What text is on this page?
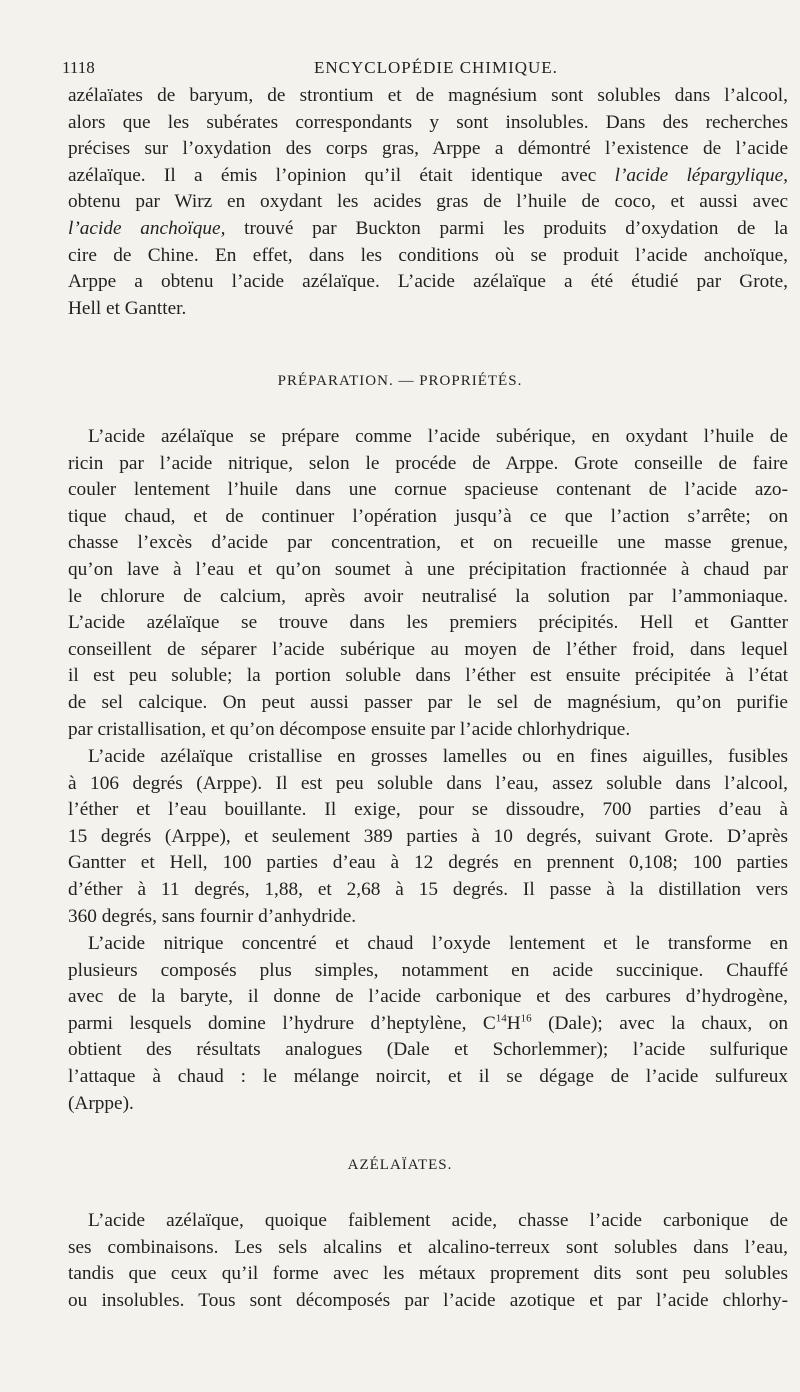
1118	ENCYCLOPÉDIE CHIMIQUE.
azélaïates de baryum, de strontium et de magnésium sont solubles dans l’alcool,
alors que les subérates correspondants y sont insolubles. Dans des recherches
précises sur l’oxydation des corps gras, Arppe a démontré l’existence de l’acide
azélaïque. Il a émis l’opinion qu’il était identique avec l’acide lépargylique,
obtenu par Wirz en oxydant les acides gras de l’huile de coco, et aussi avec
l’acide anchoïque, trouvé par Buckton parmi les produits d’oxydation de la
cire de Chine. En effet, dans les conditions où se produit l’acide anchoïque,
Arppe a obtenu l’acide azélaïque. L’acide azélaïque a été étudié par Grote,
Hell et Gantter.
PRÉPARATION. — PROPRIÉTÉS.
L’acide azélaïque se prépare comme l’acide subérique, en oxydant l’huile de
ricin par l’acide nitrique, selon le procéde de Arppe. Grote conseille de faire
couler lentement l’huile dans une cornue spacieuse contenant de l’acide azo-
tique chaud, et de continuer l’opération jusqu’à ce que l’action s’arrête; on
chasse l’excès d’acide par concentration, et on recueille une masse grenue,
qu’on lave à l’eau et qu’on soumet à une précipitation fractionnée à chaud par
le chlorure de calcium, après avoir neutralisé la solution par l’ammoniaque.
L’acide azélaïque se trouve dans les premiers précipités. Hell et Gantter
conseillent de séparer l’acide subérique au moyen de l’éther froid, dans lequel
il est peu soluble; la portion soluble dans l’éther est ensuite précipitée à l’état
de sel calcique. On peut aussi passer par le sel de magnésium, qu’on purifie
par cristallisation, et qu’on décompose ensuite par l’acide chlorhydrique.
L’acide azélaïque cristallise en grosses lamelles ou en fines aiguilles, fusibles
à 106 degrés (Arppe). Il est peu soluble dans l’eau, assez soluble dans l’alcool,
l’éther et l’eau bouillante. Il exige, pour se dissoudre, 700 parties d’eau à
15 degrés (Arppe), et seulement 389 parties à 10 degrés, suivant Grote. D’après
Gantter et Hell, 100 parties d’eau à 12 degrés en prennent 0,108; 100 parties
d’éther à 11 degrés, 1,88, et 2,68 à 15 degrés. Il passe à la distillation vers
360 degrés, sans fournir d’anhydride.
L’acide nitrique concentré et chaud l’oxyde lentement et le transforme en
plusieurs composés plus simples, notamment en acide succinique. Chauffé
avec de la baryte, il donne de l’acide carbonique et des carbures d’hydrogène,
parmi lesquels domine l’hydrure d’heptylène, $C^{14}H^{16}$ (Dale); avec la chaux, on
obtient des résultats analogues (Dale et Schorlemmer); l’acide sulfurique
l’attaque à chaud : le mélange noircit, et il se dégage de l’acide sulfureux
(Arppe).
AZÉLAÏATES.
L’acide azélaïque, quoique faiblement acide, chasse l’acide carbonique de
ses combinaisons. Les sels alcalins et alcalino-terreux sont solubles dans l’eau,
tandis que ceux qu’il forme avec les métaux proprement dits sont peu solubles
ou insolubles. Tous sont décomposés par l’acide azotique et par l’acide chlorhy-
